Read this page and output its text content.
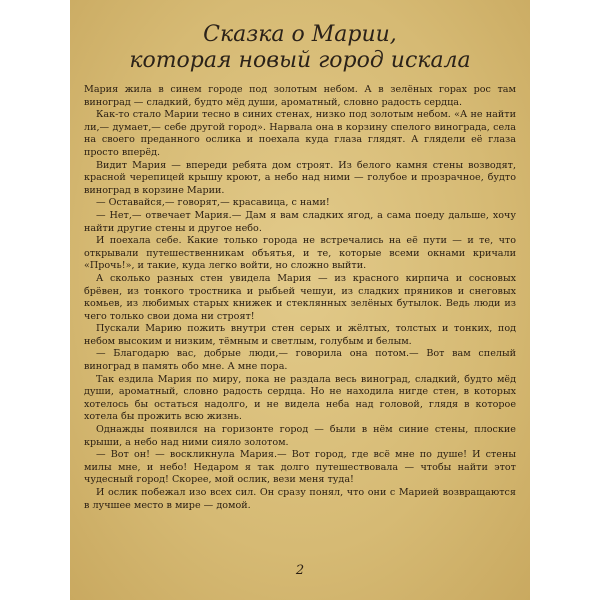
Сказка о Марии,
которая новый город искала

Мария жила в синем городе под золотым небом. А в зелёных горах рос там виноград — сладкий, будто мёд души, ароматный, словно радость сердца.

Как-то стало Марии тесно в синих стенах, низко под золотым небом. «А не найти ли,— думает,— себе другой город». Нарвала она в корзину спелого винограда, села на своего преданного ослика и поехала куда глаза глядят. А глядели её глаза просто вперёд.

Видит Мария — впереди ребята дом строят. Из белого камня стены возводят, красной черепицей крышу кроют, а небо над ними — голубое и прозрачное, будто виноград в корзине Марии.

— Оставайся,— говорят,— красавица, с нами!

— Нет,— отвечает Мария.— Дам я вам сладких ягод, а сама поеду дальше, хочу найти другие стены и другое небо.

И поехала себе. Какие только города не встречались на её пути — и те, что открывали путешественникам объятья, и те, которые всеми окнами кричали «Прочь!», и такие, куда легко войти, но сложно выйти.

А сколько разных стен увидела Мария — из красного кирпича и сосновых брёвен, из тонкого тростника и рыбьей чешуи, из сладких пряников и снеговых комьев, из любимых старых книжек и стеклянных зелёных бутылок. Ведь люди из чего только свои дома ни строят!

Пускали Марию пожить внутри стен серых и жёлтых, толстых и тонких, под небом высоким и низким, тёмным и светлым, голубым и белым.

— Благодарю вас, добрые люди,— говорила она потом.— Вот вам спелый виноград в память обо мне. А мне пора.

Так ездила Мария по миру, пока не раздала весь виноград, сладкий, будто мёд души, ароматный, словно радость сердца. Но не находила нигде стен, в которых хотелось бы остаться надолго, и не видела неба над головой, глядя в которое хотела бы прожить всю жизнь.

Однажды появился на горизонте город — были в нём синие стены, плоские крыши, а небо над ними сияло золотом.

— Вот он! — воскликнула Мария.— Вот город, где всё мне по душе! И стены милы мне, и небо! Недаром я так долго путешествовала — чтобы найти этот чудесный город! Скорее, мой ослик, вези меня туда!

И ослик побежал изо всех сил. Он сразу понял, что они с Марией возвращаются в лучшее место в мире — домой.

2
